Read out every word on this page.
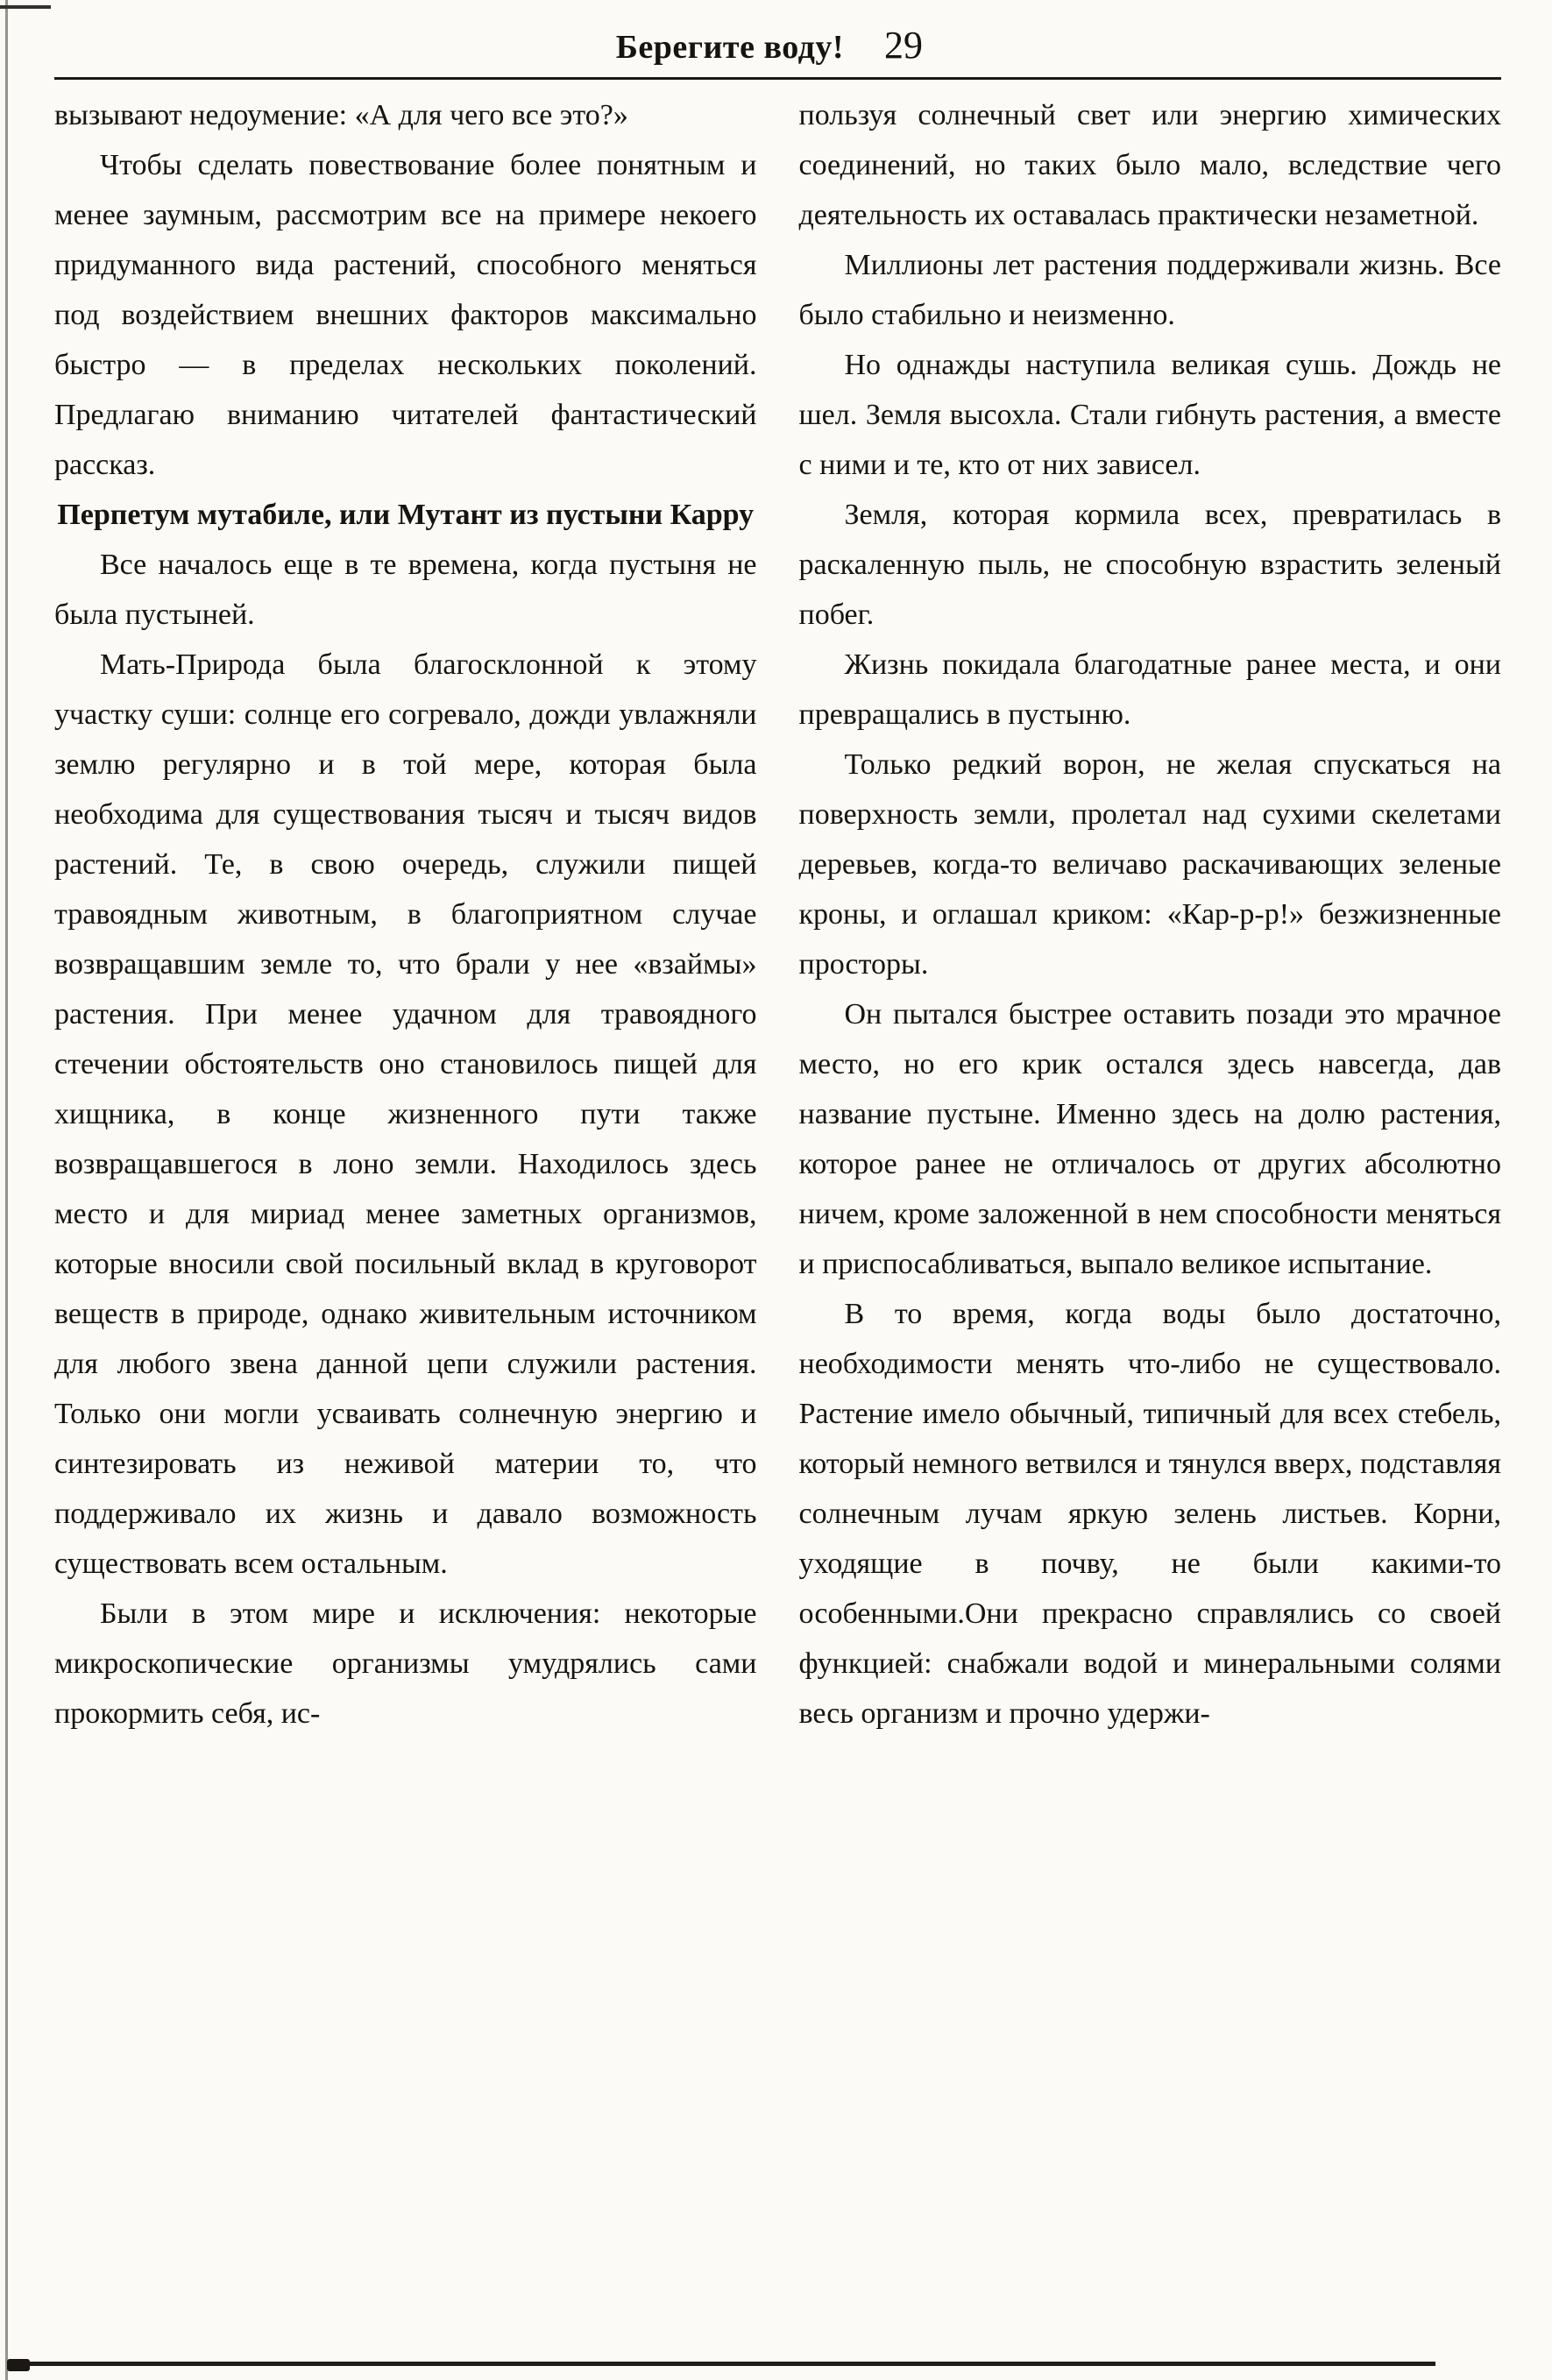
Берегите воду! 29

вызывают недоумение: «А для чего все это?»

Чтобы сделать повествование более понятным и менее заумным, рассмотрим все на примере некоего придуманного вида растений, способного меняться под воздействием внешних факторов максимально быстро — в пределах нескольких поколений. Предлагаю вниманию читателей фантастический рассказ.

Перпетум мутабиле, или Мутант из пустыни Карру

Все началось еще в те времена, когда пустыня не была пустыней.

Мать-Природа была благосклонной к этому участку суши: солнце его согревало, дожди увлажняли землю регулярно и в той мере, которая была необходима для существования тысяч и тысяч видов растений. Те, в свою очередь, служили пищей травоядным животным, в благоприятном случае возвращавшим земле то, что брали у нее «взаймы» растения. При менее удачном для травоядного стечении обстоятельств оно становилось пищей для хищника, в конце жизненного пути также возвращавшегося в лоно земли. Находилось здесь место и для мириад менее заметных организмов, которые вносили свой посильный вклад в круговорот веществ в природе, однако живительным источником для любого звена данной цепи служили растения. Только они могли усваивать солнечную энергию и синтезировать из неживой материи то, что поддерживало их жизнь и давало возможность существовать всем остальным.

Были в этом мире и исключения: некоторые микроскопические организмы умудрялись сами прокормить себя, ис-

пользуя солнечный свет или энергию химических соединений, но таких было мало, вследствие чего деятельность их оставалась практически незаметной.

Миллионы лет растения поддерживали жизнь. Все было стабильно и неизменно.

Но однажды наступила великая сушь. Дождь не шел. Земля высохла. Стали гибнуть растения, а вместе с ними и те, кто от них зависел.

Земля, которая кормила всех, превратилась в раскаленную пыль, не способную взрастить зеленый побег.

Жизнь покидала благодатные ранее места, и они превращались в пустыню.

Только редкий ворон, не желая спускаться на поверхность земли, пролетал над сухими скелетами деревьев, когда-то величаво раскачивающих зеленые кроны, и оглашал криком: «Кар-р-р!» безжизненные просторы.

Он пытался быстрее оставить позади это мрачное место, но его крик остался здесь навсегда, дав название пустыне. Именно здесь на долю растения, которое ранее не отличалось от других абсолютно ничем, кроме заложенной в нем способности меняться и приспосабливаться, выпало великое испытание.

В то время, когда воды было достаточно, необходимости менять что-либо не существовало. Растение имело обычный, типичный для всех стебель, который немного ветвился и тянулся вверх, подставляя солнечным лучам яркую зелень листьев. Корни, уходящие в почву, не были какими-то особенными.Они прекрасно справлялись со своей функцией: снабжали водой и минеральными солями весь организм и прочно удержи-
